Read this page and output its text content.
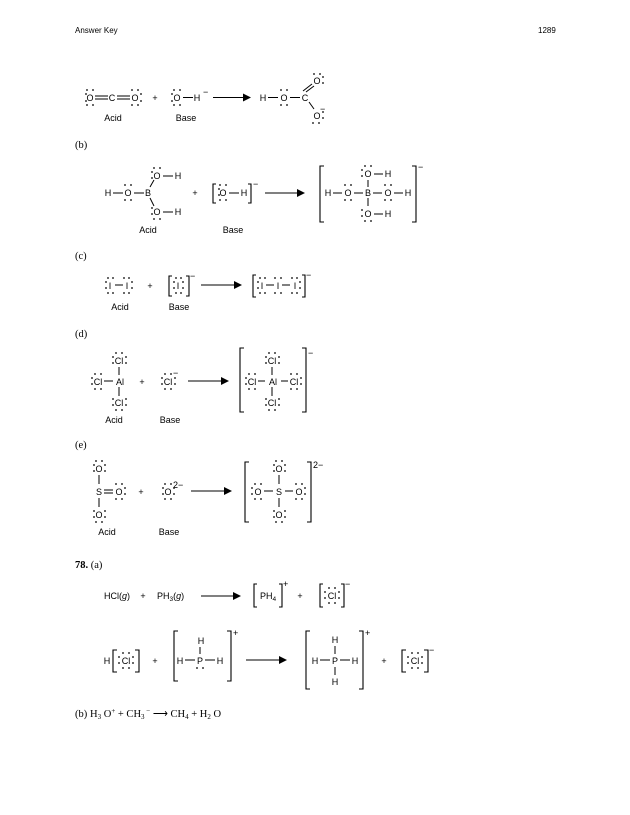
Answer Key	1289
(b)
(c)
(d)
(e)
78. (a)
O C O + O H
−
H O C
O
O
−
Acid	Base
H O B
O H
O H
+ O H
−
H O B
O H
O H
O H
−
Acid	Base
I I +	I
−
I I I
−
Acid	Base
Cl
Cl Al
Cl
+ Cl
−
Cl
Cl Al Cl
Cl
−
Acid	Base
O
S O
O
+ O
2−
O
O S O
O
2−
Acid	Base
$HCl(g) + PH_3(g)$	$PH_4$
+
+	Cl
−
H Cl +
H
H P H
+
H
H P H
H
+
+	Cl
−
(b) H3 O+ + CH3 − ⟶ CH4 + H2 O
